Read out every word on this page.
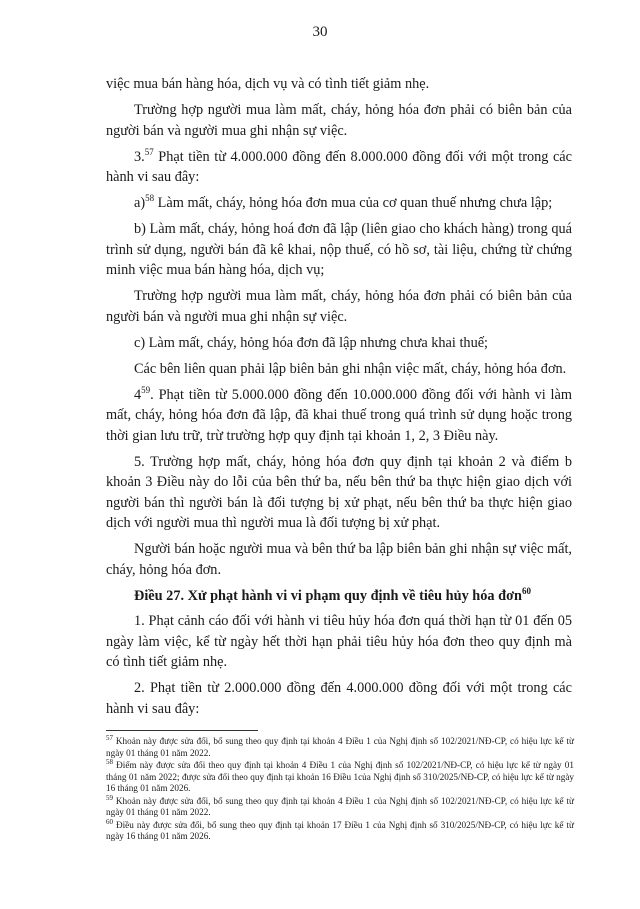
30

việc mua bán hàng hóa, dịch vụ và có tình tiết giảm nhẹ.

Trường hợp người mua làm mất, cháy, hỏng hóa đơn phải có biên bản của người bán và người mua ghi nhận sự việc.

3.57 Phạt tiền từ 4.000.000 đồng đến 8.000.000 đồng đối với một trong các hành vi sau đây:

a)$^{58}$ Làm mất, cháy, hỏng hóa đơn mua của cơ quan thuế nhưng chưa lập;

b) Làm mất, cháy, hỏng hoá đơn đã lập (liên giao cho khách hàng) trong quá trình sử dụng, người bán đã kê khai, nộp thuế, có hồ sơ, tài liệu, chứng từ chứng minh việc mua bán hàng hóa, dịch vụ;

Trường hợp người mua làm mất, cháy, hỏng hóa đơn phải có biên bản của người bán và người mua ghi nhận sự việc.

c) Làm mất, cháy, hỏng hóa đơn đã lập nhưng chưa khai thuế;

Các bên liên quan phải lập biên bản ghi nhận việc mất, cháy, hỏng hóa đơn.

$4^{59}$. Phạt tiền từ 5.000.000 đồng đến 10.000.000 đồng đối với hành vi làm mất, cháy, hỏng hóa đơn đã lập, đã khai thuế trong quá trình sử dụng hoặc trong thời gian lưu trữ, trừ trường hợp quy định tại khoản 1, 2, 3 Điều này.

5. Trường hợp mất, cháy, hỏng hóa đơn quy định tại khoản 2 và điểm b khoản 3 Điều này do lỗi của bên thứ ba, nếu bên thứ ba thực hiện giao dịch với người bán thì người bán là đối tượng bị xử phạt, nếu bên thứ ba thực hiện giao dịch với người mua thì người mua là đối tượng bị xử phạt.

Người bán hoặc người mua và bên thứ ba lập biên bản ghi nhận sự việc mất, cháy, hỏng hóa đơn.

Điều 27. Xử phạt hành vi vi phạm quy định về tiêu hủy hóa đơn$^{60}$

1. Phạt cảnh cáo đối với hành vi tiêu hủy hóa đơn quá thời hạn từ 01 đến 05 ngày làm việc, kể từ ngày hết thời hạn phải tiêu hủy hóa đơn theo quy định mà có tình tiết giảm nhẹ.

2. Phạt tiền từ 2.000.000 đồng đến 4.000.000 đồng đối với một trong các hành vi sau đây:

$^{57}$ Khoản này được sửa đổi, bổ sung theo quy định tại khoản 4 Điều 1 của Nghị định số 102/2021/NĐ-CP, có hiệu lực kể từ ngày 01 tháng 01 năm 2022.
$^{58}$ Điểm này được sửa đổi theo quy định tại khoản 4 Điều 1 của Nghị định số 102/2021/NĐ-CP, có hiệu lực kể từ ngày 01 tháng 01 năm 2022; được sửa đổi theo quy định tại khoản 16 Điều 1của Nghị định số 310/2025/NĐ-CP, có hiệu lực kể từ ngày 16 tháng 01 năm 2026.
$^{59}$ Khoản này được sửa đổi, bổ sung theo quy định tại khoản 4 Điều 1 của Nghị định số 102/2021/NĐ-CP, có hiệu lực kể từ ngày 01 tháng 01 năm 2022.
$^{60}$ Điều này được sửa đổi, bổ sung theo quy định tại khoản 17 Điều 1 của Nghị định số 310/2025/NĐ-CP, có hiệu lực kể từ ngày 16 tháng 01 năm 2026.
